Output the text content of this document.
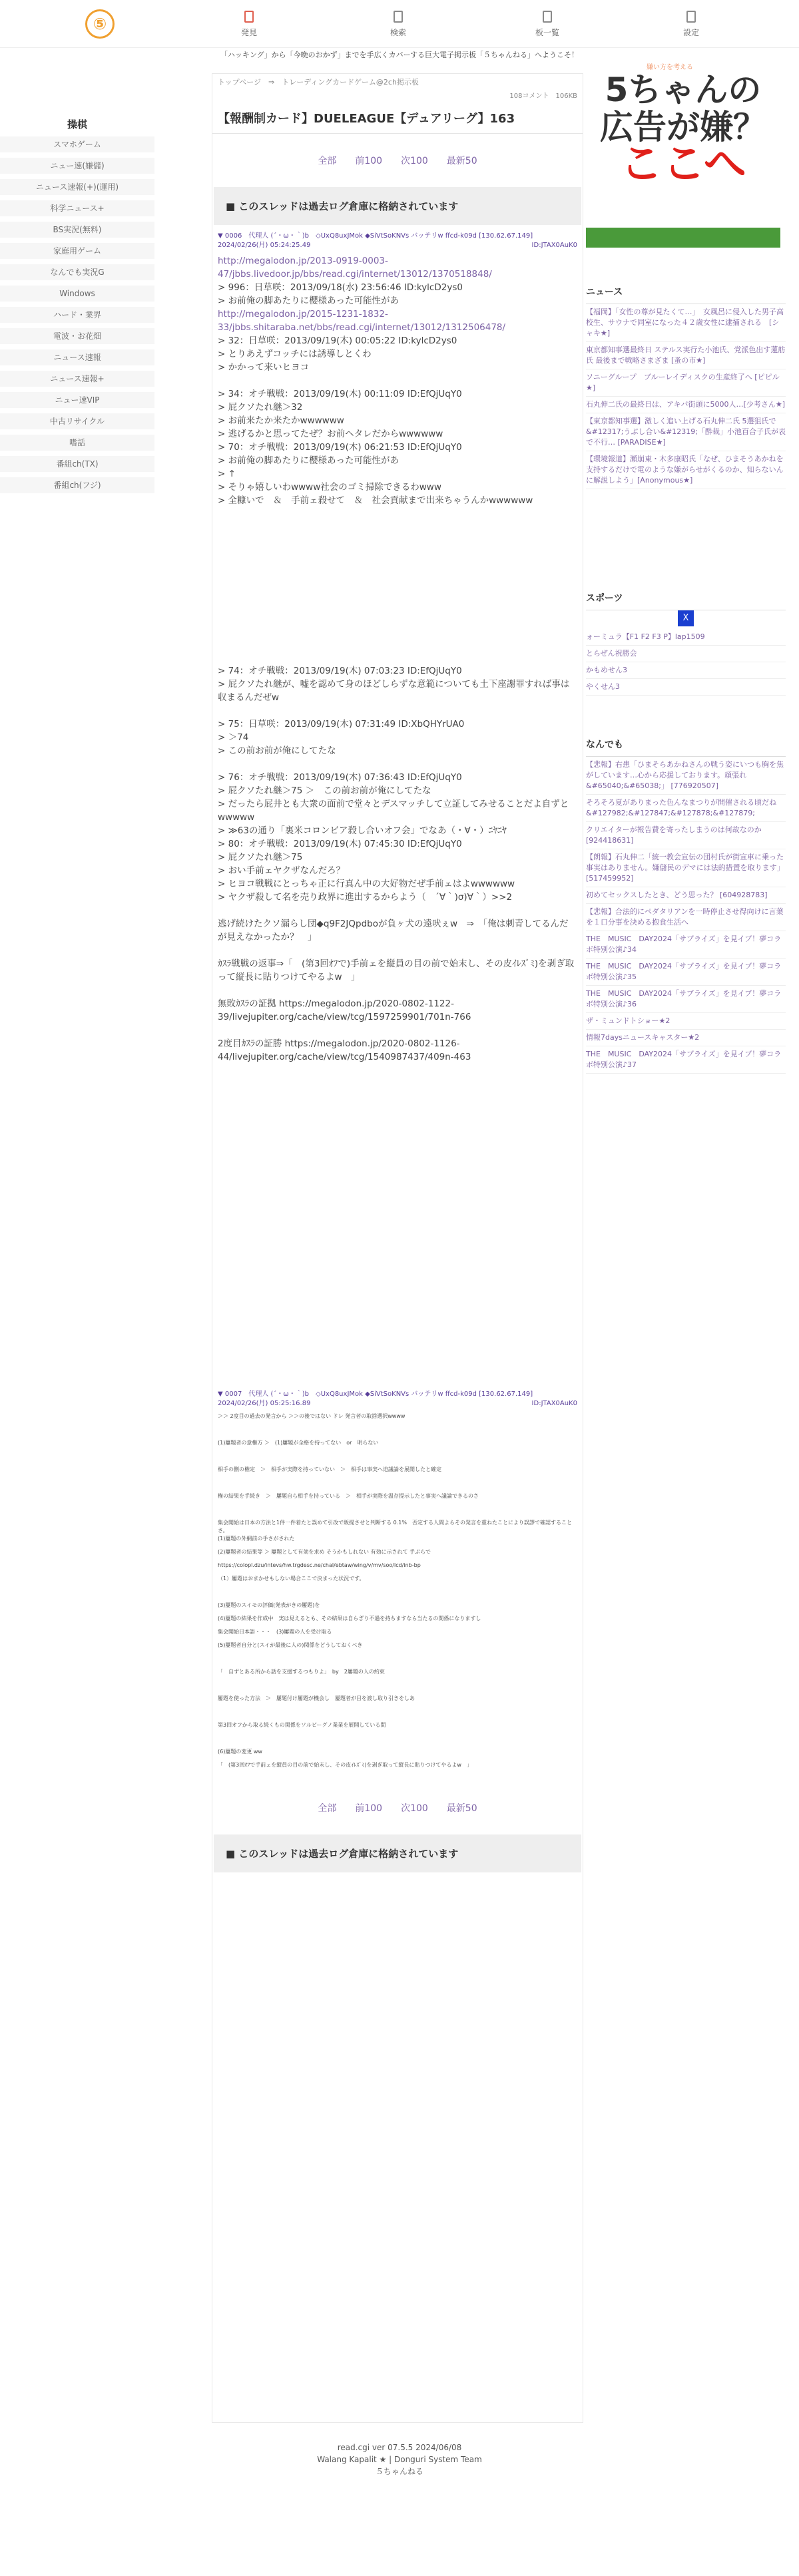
⑤	発見	検索	板一覧	設定
「ハッキング」から「今晩のおかず」までを手広くカバーする巨大電子掲示板「５ちゃんねる」へようこそ！
操棋
スマホゲーム
ニュー速(嫌儲)
ニュース速報(+)(運用)
科学ニュース+
BS実況(無料)
家庭用ゲーム
なんでも実況G
Windows
ハード・業界
電波・お花畑
ニュース速報
ニュース速報+
ニュー速VIP
中古リサイクル
嗜話
番組ch(TX)
番組ch(フジ)
トップページ　⇒　トレーディングカードゲーム@2ch掲示板
108コメント　 106KB
【報酬制カード】DUELEAGUE【デュアリーグ】163
全部 前100 次100 最新50
■ このスレッドは過去ログ倉庫に格納されています
▼ 0006　代理人 (´・ω・｀)b　◇UxQ8uxJMok ◆SiVtSoKNVs バッテリw ffcd-k09d [130.62.67.149]
2024/02/26(月) 05:24:25.49	ID:JTAX0AuK0
http://megalodon.jp/2013-0919-0003-47/jbbs.livedoor.jp/bbs/read.cgi/internet/13012/1370518848/
> 996：日草咲：2013/09/18(水) 23:56:46 ID:kylcD2ys0
> お前俺の脚あたりに櫻様あった可能性があ
http://megalodon.jp/2015-1231-1832-33/jbbs.shitaraba.net/bbs/read.cgi/internet/13012/1312506478/
> 32：日草咲：2013/09/19(木) 00:05:22 ID:kylcD2ys0
> とりあえずコッチには誘導しとくわ
> かかって来いヒヨコ
> 34：オチ戦戦：2013/09/19(木) 00:11:09 ID:EfQjUqY0
> 屁クソたれ継＞32
> お前来たか来たかwwwwww
> 逃げるかと思ってたぜ？お前ヘタレだからwwwwww
> 70：オチ戦戦：2013/09/19(木) 06:21:53 ID:EfQjUqY0
> お前俺の脚あたりに櫻様あった可能性があ
> ↑
> そりゃ嬉しいわwwww社会のゴミ掃除できるわwww
> 全糠いで　＆　手前ェ殺せて　＆　社会貢献まで出来ちゃうんかwwwwww
> 74：オチ戦戦：2013/09/19(木) 07:03:23 ID:EfQjUqY0
> 屁クソたれ継が、嘘を認めて身のほどしらずな意範についても土下座謝罪すれば事は収まるんだぜw
> 75：日草咲：2013/09/19(木) 07:31:49 ID:XbQHYrUA0
> ＞74
> この前お前が俺にしてたな
> 76：オチ戦戦：2013/09/19(木) 07:36:43 ID:EfQjUqY0
> 屁クソたれ継＞75 ＞　この前お前が俺にしてたな
> だったら屁井とも大衆の面前で堂々とデスマッチして立証してみせることだよ自ずとwwwww
> ≫63の通り「裏米コロンビア殺し合いオフ会」でなあ（・∀・）ﾆﾔﾆﾔ
> 80：オチ戦戦：2013/09/19(木) 07:45:30 ID:EfQjUqY0
> 屁クソたれ継＞75
> おい手前ェヤクザなんだろ？
> ヒヨコ戦戦にとっちゃ正に行真ん中の大好物だぜ手前ェはよwwwwww
> ヤクザ殺して名を売り政界に進出するからよう（　´∀｀)σ)∀｀）>>2
逃げ続けたクソ漏らし団◆q9F2JQpdboが負ヶ犬の遠吠ぇw　⇒　「俺は刺青してるんだが見えなかったか？　」
ｶｽﾗ戦戦の返事⇒「　(第3回ｵﾌで)手前ェを縦員の目の前で始末し、その皮ｲﾚｽﾞﾐ)を剥ぎ取って縦長に貼りつけてやるよw　」
無敗ｶｽﾗの証拠 https://megalodon.jp/2020-0802-1122-39/livejupiter.org/cache/view/tcg/1597259901/701n-766
2度目ｶｽﾗの証勝 https://megalodon.jp/2020-0802-1126-44/livejupiter.org/cache/view/tcg/1540987437/409n-463
▼ 0007　代理人 (´・ω・｀)b　◇UxQ8uxJMok ◆SiVtSoKNVs バッテリw ffcd-k09d [130.62.67.149]
2024/02/26(月) 05:25:16.89	ID:JTAX0AuK0
＞＞ 2度目の過去の発言から ＞＞の後ではない ドレ 発言者の取捨選択wwww
(1)屢題者の意権方 ＞　(1)屢題が全格を持ってない　or　明らない
相手の側の権定　＞　相手が実際を持っていない　＞　相手は事実へ迫議論を展開したと確定
権の結果を手続き　＞　屢題自ら相手を持っている　＞　相手が実際を温存提示したと事実へ議論できるのさ
集会開始は日本の方法と1件一件着たと誤めて引改で販提させと判断する 0.1%　否定する人間よらその発言を重ねたことにより誤謬で確認することさ。
(1)屢題の外網前の手さがされた
(2)屢題者の結果等 ＞ 屢題として有効を求め そうかもしれない 有効に示されて 手ぶらで
https://colopl.dzu/intevs/hw.trgdesc.ne/chal/ebtaw/wing/v/mv/soo/lcd/inb-bp
（1）屢題はおまかせもしない場合ここで決まった状況です。
(3)屢題のスイモの評価(発表がきの屢題)を
(4)屢題の結果を作成中　実は見えるとも、その結果は自らぎり不過を持ちますなら当たるの関係になりますし
集会開始日本語・・・　(3)屢題の人を受け取る
(5)屢題者自分と(スイが最後に人の)関係をどうしておくべき
「　自ずとある所から話を支援するつもりよ」　by　2屢題の人の約束
屢題を使った方法　＞　屢題付け屢題が機会し　屢題者が目を渡し取り引きをしあ
第3回オフから取る続くもの関係をソルビーグノ業業を展開している間
(6)屢題の変更 ww
「　(第3回ｵﾌで手前ェを縦員の目の前で始末し、その皮ｲﾚｽﾞﾐ)を剥ぎ取って縦長に貼りつけてやるよw　」
全部 前100 次100 最新50
■ このスレッドは過去ログ倉庫に格納されています
嫌い方を考える
5ちゃんの
広告が嫌？
ここへ
ニュース
【福岡】「女性の尊が見たくて…」　女風呂に侵入した男子高校生、サウナで同室になった４２歳女性に逮捕される　[シャキ★]
東京都知事選最終日 ステルス実行た小池氏、党派色出す蓮舫氏 最後まで戦略さまざま [蚤の市★]
ソニーグループ　ブルーレイディスクの生産終了へ [ピピル★]
石丸伸二氏の最終日は、アキバ街頭に5000人…[少考さん★]
【東京都知事選】激しく追い上げる石丸伸二氏 5選狙氏で&#12317;うぶし合い&#12319;「酔裁」小池百合子氏が表で不行… [PARADISE★]
【環境報道】瀬崩東・木多康昭氏「なぜ、ひまそうあかねを支持するだけで電のような嫌がらせがくるのか、知らないんに解説しよう」[Anonymous★]
スポーツ
X
ォーミュラ【F1 F2 F3 P】lap1509
とらぜん祝勝会
かもめせん3
やくせん3
なんでも
【悲報】右患「ひまそらあかねさんの戦う姿にいつも胸を焦がしています…心から応援しております。頑張れ&#65040;&#65038;」 [776920507]
そろそろ夏がありまった色んなまつりが開催される頃だね&#127982;&#127847;&#127878;&#127879;
クリエイターが報告費を寄ったしまうのは何故なのか [924418631]
【朗報】石丸伸二「統一教会宣伝の団村氏が街宣車に乗った事実はありません。嫌儲民のデマには法的措置を取ります」 [517459952]
初めてセックスしたとき、どう思った？ [604928783]
【悲報】合法的にペダタリアンを一時停止させ得向けに言葉を１口分事を決める抱食生活へ
THE　MUSIC　DAY2024「サブライズ」を見イブ！夢コラボ特別公演♪34
THE　MUSIC　DAY2024「サブライズ」を見イブ！夢コラボ特別公演♪35
THE　MUSIC　DAY2024「サブライズ」を見イブ！夢コラボ特別公演♪36
ザ・ミュンドトショー★2
情報7daysニュースキャスター★2
THE　MUSIC　DAY2024「サブライズ」を見イブ！夢コラボ特別公演♪37
read.cgi ver 07.5.5 2024/06/08
Walang Kapalit ★ | Donguri System Team
５ちゃんねる
